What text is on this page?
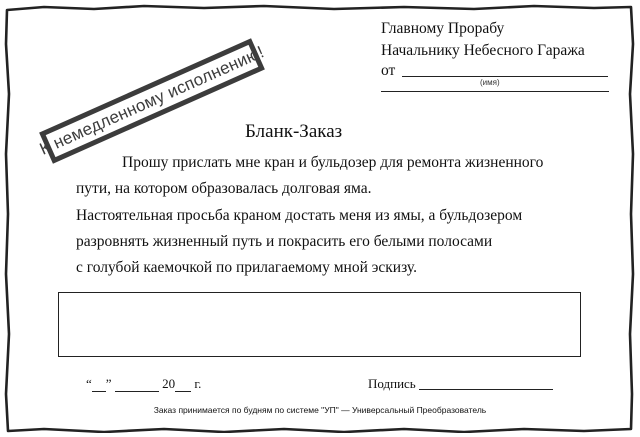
Главному Прорабу
Начальнику Небесного Гаража
от
(имя)
К немедленному исполнению!
Бланк-Заказ
Прошу прислать мне кран и бульдозер для ремонта жизненного
пути, на котором образовалась долговая яма.
Настоятельная просьба краном достать меня из ямы, а бульдозером
разровнять жизненный путь и покрасить его белыми полосами
с голубой каемочкой по прилагаемому мной эскизу.
“ ”	20 г.	Подпись
Заказ принимается по будням по системе "УП" — Универсальный Преобразователь
